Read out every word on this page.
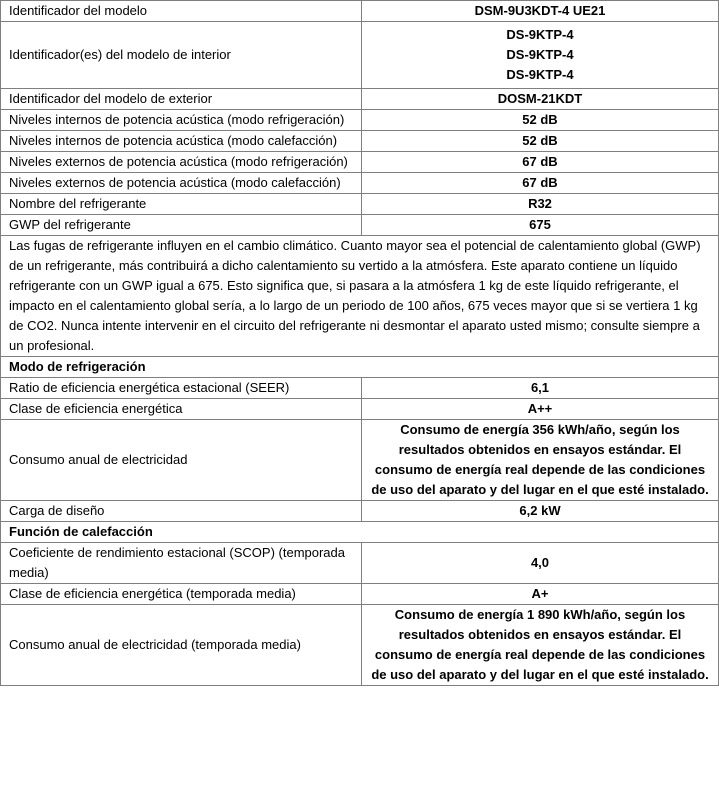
Identificador del modelo	DSM-9U3KDT-4 UE21
Identificador(es) del modelo de interior	DS-9KTP-4
DS-9KTP-4
DS-9KTP-4

Identificador del modelo de exterior	DOSM-21KDT
Niveles internos de potencia acústica (modo refrigeración)	52 dB
Niveles internos de potencia acústica (modo calefacción)	52 dB
Niveles externos de potencia acústica (modo refrigeración)	67 dB
Niveles externos de potencia acústica (modo calefacción)	67 dB
Nombre del refrigerante	R32
GWP del refrigerante	675
Las fugas de refrigerante influyen en el cambio climático. Cuanto mayor sea el potencial de calentamiento global (GWP) de un refrigerante, más contribuirá a dicho calentamiento su vertido a la atmósfera. Este aparato contiene un líquido refrigerante con un GWP igual a 675. Esto significa que, si pasara a la atmósfera 1 kg de este líquido refrigerante, el impacto en el calentamiento global sería, a lo largo de un periodo de 100 años, 675 veces mayor que si se vertiera 1 kg de CO2. Nunca intente intervenir en el circuito del refrigerante ni desmontar el aparato usted mismo; consulte siempre a un profesional.	
Modo de refrigeración	
Ratio de eficiencia energética estacional (SEER)	6,1
Clase de eficiencia energética	A++
Consumo anual de electricidad	Consumo de energía 356 kWh/año, según los resultados obtenidos en ensayos estándar. El consumo de energía real depende de las condiciones de uso del aparato y del lugar en el que esté instalado.
Carga de diseño	6,2 kW
Función de calefacción	
Coeficiente de rendimiento estacional (SCOP) (temporada media)	4,0
Clase de eficiencia energética (temporada media)	A+
Consumo anual de electricidad (temporada media)	Consumo de energía 1 890 kWh/año, según los resultados obtenidos en ensayos estándar. El consumo de energía real depende de las condiciones de uso del aparato y del lugar en el que esté instalado.
